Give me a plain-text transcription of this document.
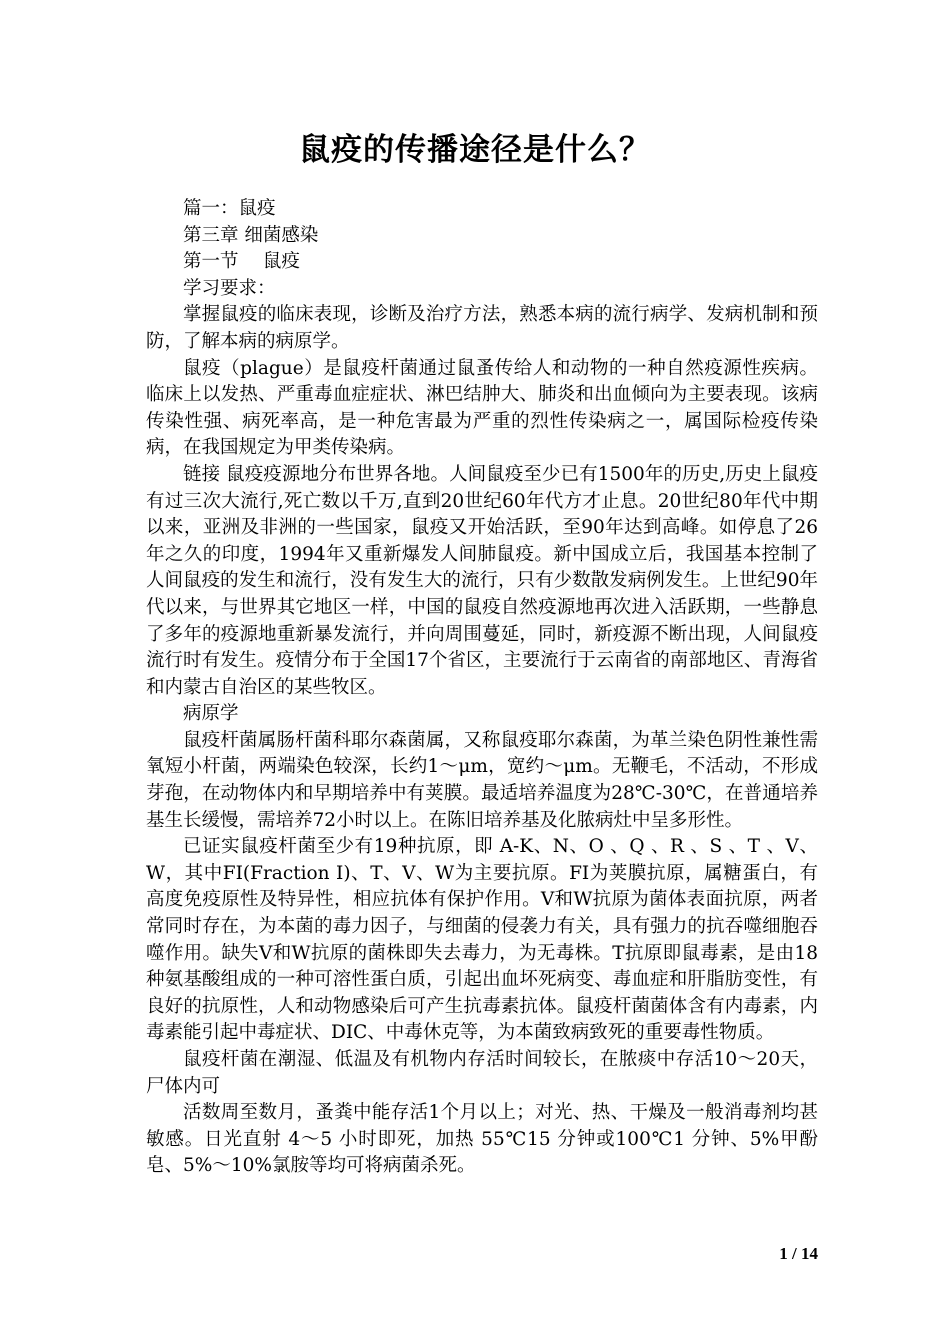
鼠疫的传播途径是什么？

篇一：鼠疫

第三章 细菌感染

第一节　 鼠疫

学习要求：

掌握鼠疫的临床表现，诊断及治疗方法，熟悉本病的流行病学、发病机制和预防，了解本病的病原学。

鼠疫（plague）是鼠疫杆菌通过鼠蚤传给人和动物的一种自然疫源性疾病。临床上以发热、严重毒血症症状、淋巴结肿大、肺炎和出血倾向为主要表现。该病传染性强、病死率高，是一种危害最为严重的烈性传染病之一，属国际检疫传染病，在我国规定为甲类传染病。

链接 鼠疫疫源地分布世界各地。人间鼠疫至少已有1500年的历史,历史上鼠疫有过三次大流行,死亡数以千万,直到20世纪60年代方才止息。20世纪80年代中期以来，亚洲及非洲的一些国家，鼠疫又开始活跃，至90年达到高峰。如停息了26年之久的印度，1994年又重新爆发人间肺鼠疫。新中国成立后，我国基本控制了人间鼠疫的发生和流行，没有发生大的流行，只有少数散发病例发生。上世纪90年代以来，与世界其它地区一样，中国的鼠疫自然疫源地再次进入活跃期，一些静息了多年的疫源地重新暴发流行，并向周围蔓延，同时，新疫源不断出现，人间鼠疫流行时有发生。疫情分布于全国17个省区，主要流行于云南省的南部地区、青海省和内蒙古自治区的某些牧区。

病原学

鼠疫杆菌属肠杆菌科耶尔森菌属，又称鼠疫耶尔森菌，为革兰染色阴性兼性需氧短小杆菌，两端染色较深，长约1～μm，宽约～μm。无鞭毛，不活动，不形成芽孢，在动物体内和早期培养中有荚膜。最适培养温度为28℃-30℃，在普通培养基生长缓慢，需培养72小时以上。在陈旧培养基及化脓病灶中呈多形性。

已证实鼠疫杆菌至少有19种抗原，即 A-K、N、O 、Q 、R 、S 、T 、V、W，其中FI(Fraction I)、T、V、W为主要抗原。FI为荚膜抗原，属糖蛋白，有高度免疫原性及特异性，相应抗体有保护作用。V和W抗原为菌体表面抗原，两者常同时存在，为本菌的毒力因子，与细菌的侵袭力有关，具有强力的抗吞噬细胞吞噬作用。缺失V和W抗原的菌株即失去毒力，为无毒株。T抗原即鼠毒素，是由18种氨基酸组成的一种可溶性蛋白质，引起出血坏死病变、毒血症和肝脂肪变性，有良好的抗原性，人和动物感染后可产生抗毒素抗体。鼠疫杆菌菌体含有内毒素，内毒素能引起中毒症状、DIC、中毒休克等，为本菌致病致死的重要毒性物质。

鼠疫杆菌在潮湿、低温及有机物内存活时间较长，在脓痰中存活10～20天，尸体内可

活数周至数月，蚤粪中能存活1个月以上；对光、热、干燥及一般消毒剂均甚敏感。日光直射 4～5 小时即死，加热 55℃15 分钟或100℃1 分钟、5%甲酚皂、5%～10%氯胺等均可将病菌杀死。

1 / 14
